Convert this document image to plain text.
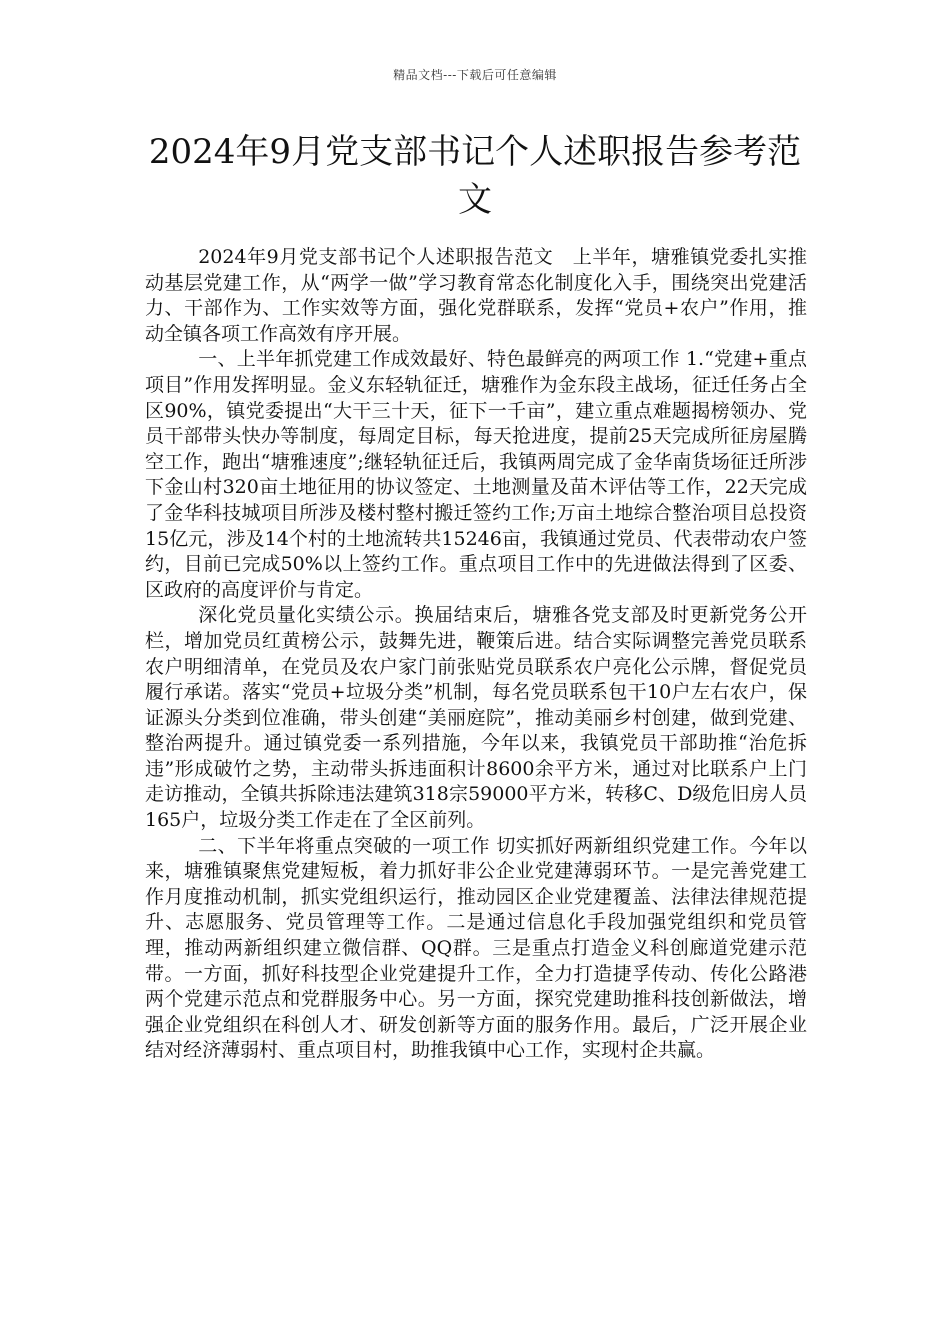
精品文档---下载后可任意编辑
2024年9月党支部书记个人述职报告参考范文

2024年9月党支部书记个人述职报告范文　上半年，塘雅镇党委扎实推动基层党建工作，从“两学一做”学习教育常态化制度化入手，围绕突出党建活力、干部作为、工作实效等方面，强化党群联系，发挥“党员+农户”作用，推动全镇各项工作高效有序开展。

一、上半年抓党建工作成效最好、特色最鲜亮的两项工作 1.“党建+重点项目”作用发挥明显。金义东轻轨征迁，塘雅作为金东段主战场，征迁任务占全区90%，镇党委提出“大干三十天，征下一千亩”，建立重点难题揭榜领办、党员干部带头快办等制度，每周定目标，每天抢进度，提前25天完成所征房屋腾空工作，跑出“塘雅速度”;继轻轨征迁后，我镇两周完成了金华南货场征迁所涉下金山村320亩土地征用的协议签定、土地测量及苗木评估等工作，22天完成了金华科技城项目所涉及楼村整村搬迁签约工作;万亩土地综合整治项目总投资15亿元，涉及14个村的土地流转共15246亩，我镇通过党员、代表带动农户签约，目前已完成50%以上签约工作。重点项目工作中的先进做法得到了区委、区政府的高度评价与肯定。

深化党员量化实绩公示。换届结束后，塘雅各党支部及时更新党务公开栏，增加党员红黄榜公示，鼓舞先进，鞭策后进。结合实际调整完善党员联系农户明细清单，在党员及农户家门前张贴党员联系农户亮化公示牌，督促党员履行承诺。落实“党员+垃圾分类”机制，每名党员联系包干10户左右农户，保证源头分类到位准确，带头创建“美丽庭院”，推动美丽乡村创建，做到党建、整治两提升。通过镇党委一系列措施，今年以来，我镇党员干部助推“治危拆违”形成破竹之势，主动带头拆违面积计8600余平方米，通过对比联系户上门走访推动，全镇共拆除违法建筑318宗59000平方米，转移C、D级危旧房人员165户，垃圾分类工作走在了全区前列。

二、下半年将重点突破的一项工作 切实抓好两新组织党建工作。今年以来，塘雅镇聚焦党建短板，着力抓好非公企业党建薄弱环节。一是完善党建工作月度推动机制，抓实党组织运行，推动园区企业党建覆盖、法律法律规范提升、志愿服务、党员管理等工作。二是通过信息化手段加强党组织和党员管理，推动两新组织建立微信群、QQ群。三是重点打造金义科创廊道党建示范带。一方面，抓好科技型企业党建提升工作，全力打造捷孚传动、传化公路港两个党建示范点和党群服务中心。另一方面，探究党建助推科技创新做法，增强企业党组织在科创人才、研发创新等方面的服务作用。最后，广泛开展企业结对经济薄弱村、重点项目村，助推我镇中心工作，实现村企共赢。
